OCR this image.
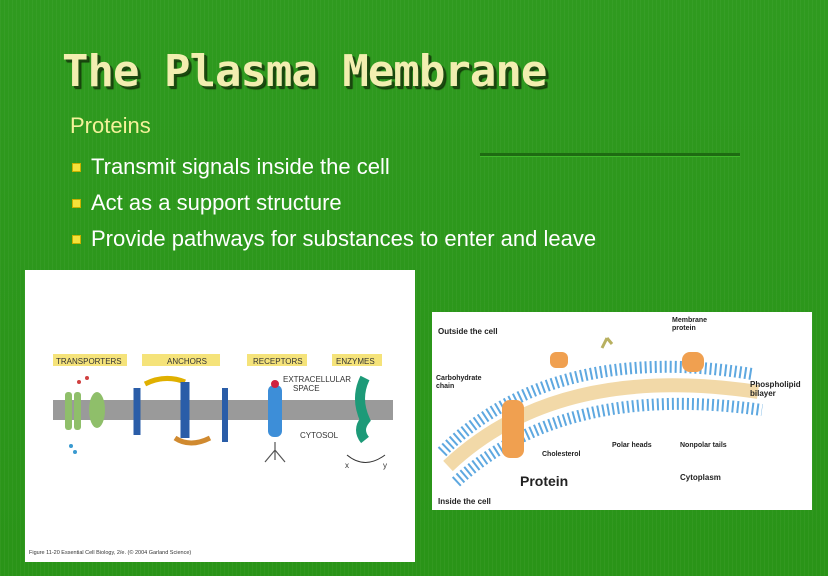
The Plasma Membrane

Proteins

Transmit signals inside the cell
Act as a support structure
Provide pathways for substances to enter and leave
TRANSPORTERS	ANCHORS	RECEPTORS	ENZYMES
x	y
EXTRACELLULAR SPACE
CYTOSOL
Figure 11-20 Essential Cell Biology, 2/e. (© 2004 Garland Science)
Outside the cell
Membrane protein
Carbohydrate chain	Phospholipid bilayer
Cholesterol
Polar heads	Nonpolar tails
Protein	Cytoplasm
Inside the cell
